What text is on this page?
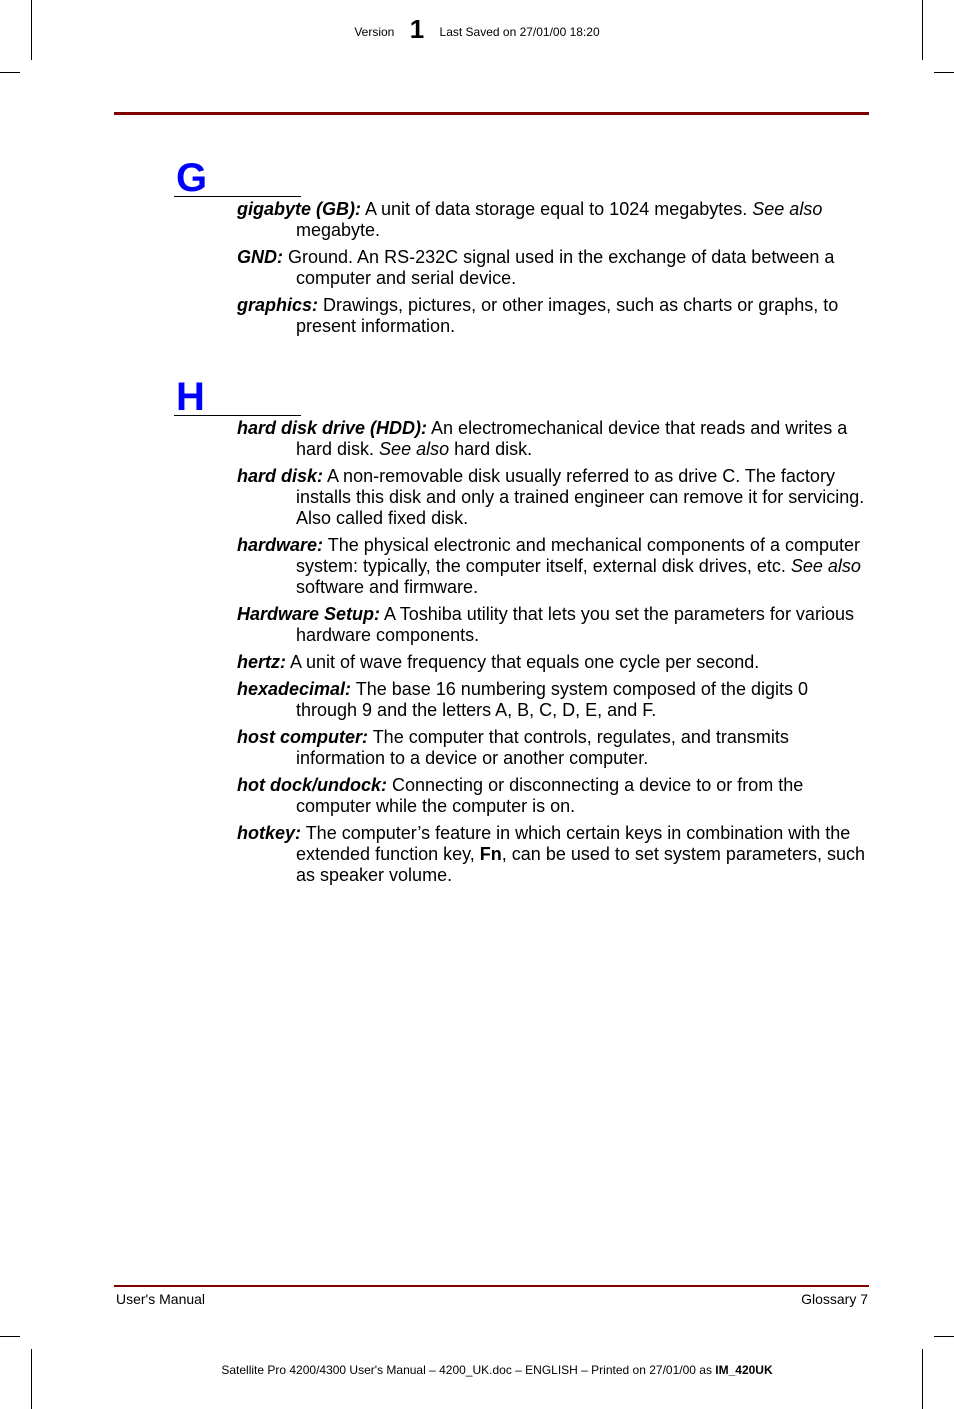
Version 1 Last Saved on 27/01/00 18:20
G
gigabyte (GB): A unit of data storage equal to 1024 megabytes. See also megabyte.
GND: Ground. An RS-232C signal used in the exchange of data between a computer and serial device.
graphics: Drawings, pictures, or other images, such as charts or graphs, to present information.
H
hard disk drive (HDD): An electromechanical device that reads and writes a hard disk. See also hard disk.
hard disk: A non-removable disk usually referred to as drive C. The factory installs this disk and only a trained engineer can remove it for servicing. Also called fixed disk.
hardware: The physical electronic and mechanical components of a computer system: typically, the computer itself, external disk drives, etc. See also software and firmware.
Hardware Setup: A Toshiba utility that lets you set the parameters for various hardware components.
hertz: A unit of wave frequency that equals one cycle per second.
hexadecimal: The base 16 numbering system composed of the digits 0 through 9 and the letters A, B, C, D, E, and F.
host computer: The computer that controls, regulates, and transmits information to a device or another computer.
hot dock/undock: Connecting or disconnecting a device to or from the computer while the computer is on.
hotkey: The computer’s feature in which certain keys in combination with the extended function key, Fn, can be used to set system parameters, such as speaker volume.
User's Manual	Glossary 7
Satellite Pro 4200/4300 User's Manual – 4200_UK.doc – ENGLISH – Printed on 27/01/00 as IM_420UK
